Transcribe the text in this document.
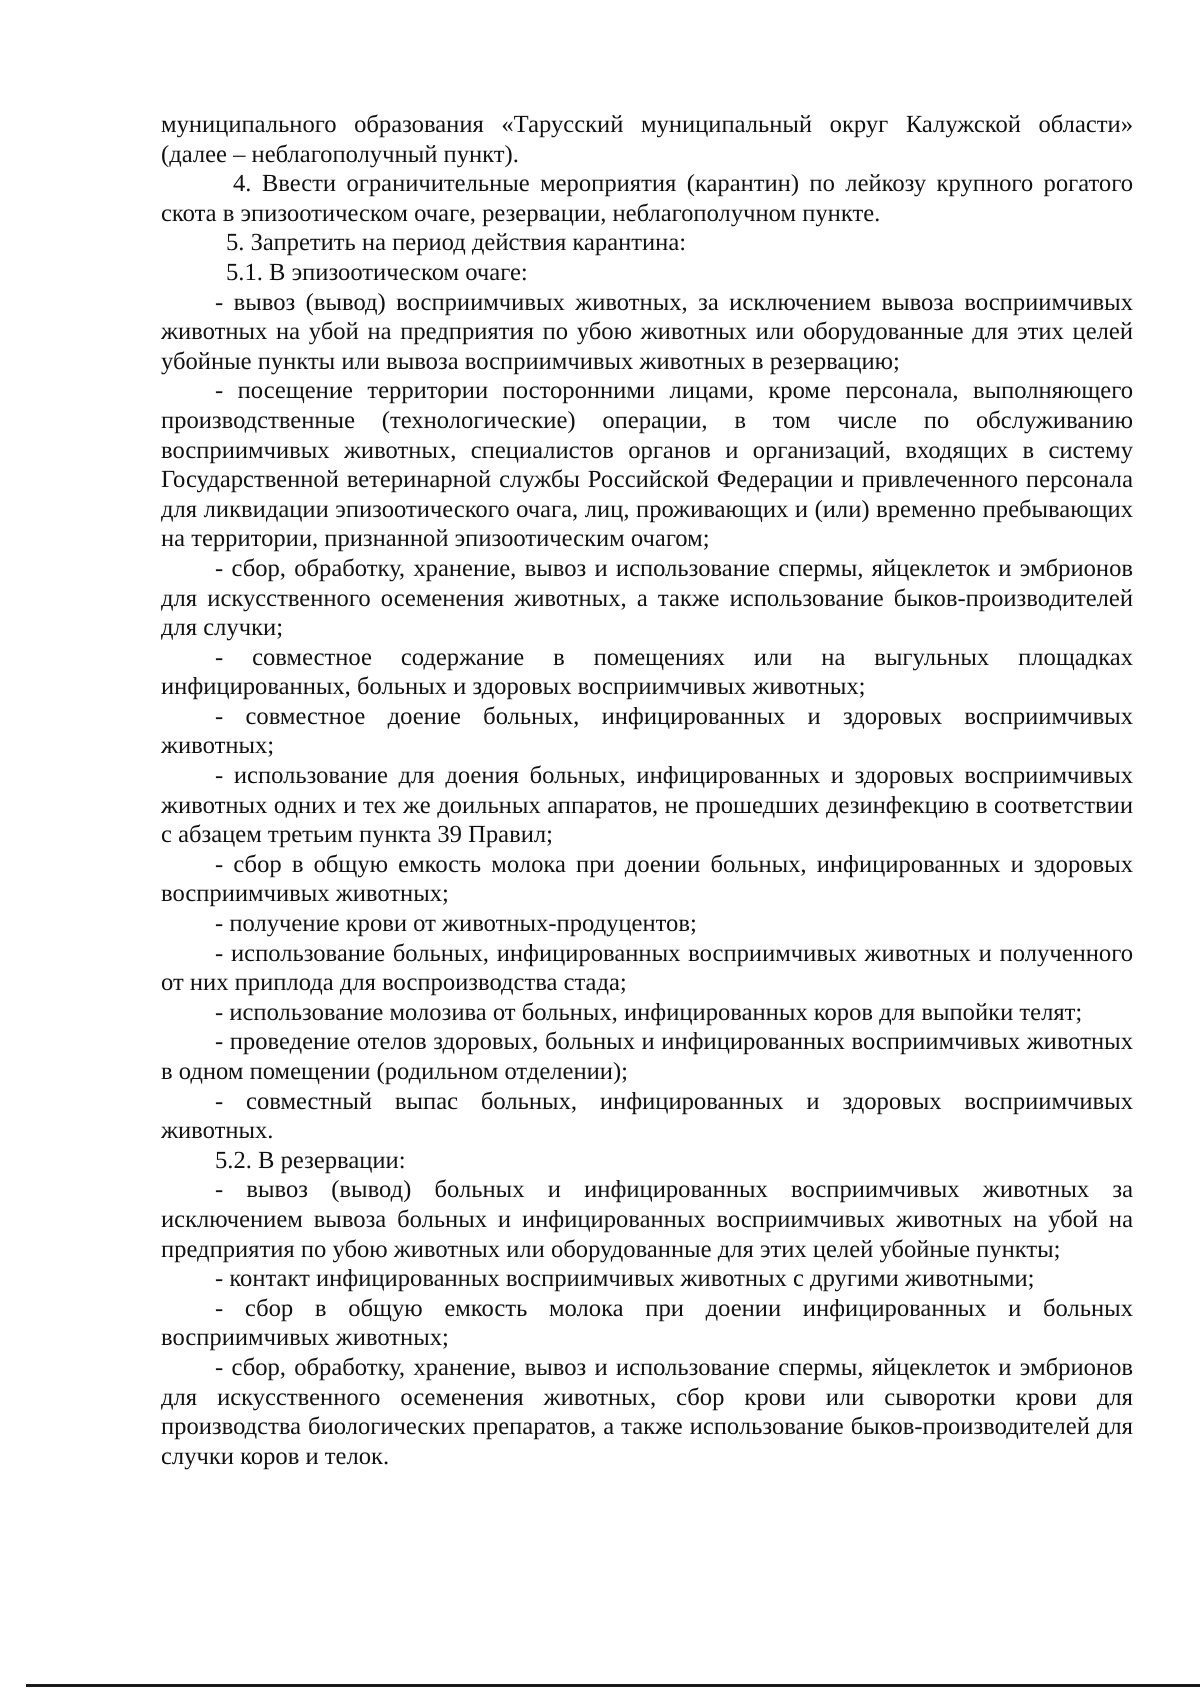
муниципального образования «Тарусский муниципальный округ Калужской области» (далее – неблагополучный пункт).

4. Ввести ограничительные мероприятия (карантин) по лейкозу крупного рогатого скота в эпизоотическом очаге, резервации, неблагополучном пункте.

5. Запретить на период действия карантина:

5.1. В эпизоотическом очаге:

- вывоз (вывод) восприимчивых животных, за исключением вывоза восприимчивых животных на убой на предприятия по убою животных или оборудованные для этих целей убойные пункты или вывоза восприимчивых животных в резервацию;

- посещение территории посторонними лицами, кроме персонала, выполняющего производственные (технологические) операции, в том числе по обслуживанию восприимчивых животных, специалистов органов и организаций, входящих в систему Государственной ветеринарной службы Российской Федерации и привлеченного персонала для ликвидации эпизоотического очага, лиц, проживающих и (или) временно пребывающих на территории, признанной эпизоотическим очагом;

- сбор, обработку, хранение, вывоз и использование спермы, яйцеклеток и эмбрионов для искусственного осеменения животных, а также использование быков-производителей для случки;

- совместное содержание в помещениях или на выгульных площадках инфицированных, больных и здоровых восприимчивых животных;

- совместное доение больных, инфицированных и здоровых восприимчивых животных;

- использование для доения больных, инфицированных и здоровых восприимчивых животных одних и тех же доильных аппаратов, не прошедших дезинфекцию в соответствии с абзацем третьим пункта 39 Правил;

- сбор в общую емкость молока при доении больных, инфицированных и здоровых восприимчивых животных;

- получение крови от животных-продуцентов;

- использование больных, инфицированных восприимчивых животных и полученного от них приплода для воспроизводства стада;

- использование молозива от больных, инфицированных коров для выпойки телят;

- проведение отелов здоровых, больных и инфицированных восприимчивых животных в одном помещении (родильном отделении);

- совместный выпас больных, инфицированных и здоровых восприимчивых животных.

5.2. В резервации:

- вывоз (вывод) больных и инфицированных восприимчивых животных за исключением вывоза больных и инфицированных восприимчивых животных на убой на предприятия по убою животных или оборудованные для этих целей убойные пункты;

- контакт инфицированных восприимчивых животных с другими животными;

- сбор в общую емкость молока при доении инфицированных и больных восприимчивых животных;

- сбор, обработку, хранение, вывоз и использование спермы, яйцеклеток и эмбрионов для искусственного осеменения животных, сбор крови или сыворотки крови для производства биологических препаратов, а также использование быков-производителей для случки коров и телок.
